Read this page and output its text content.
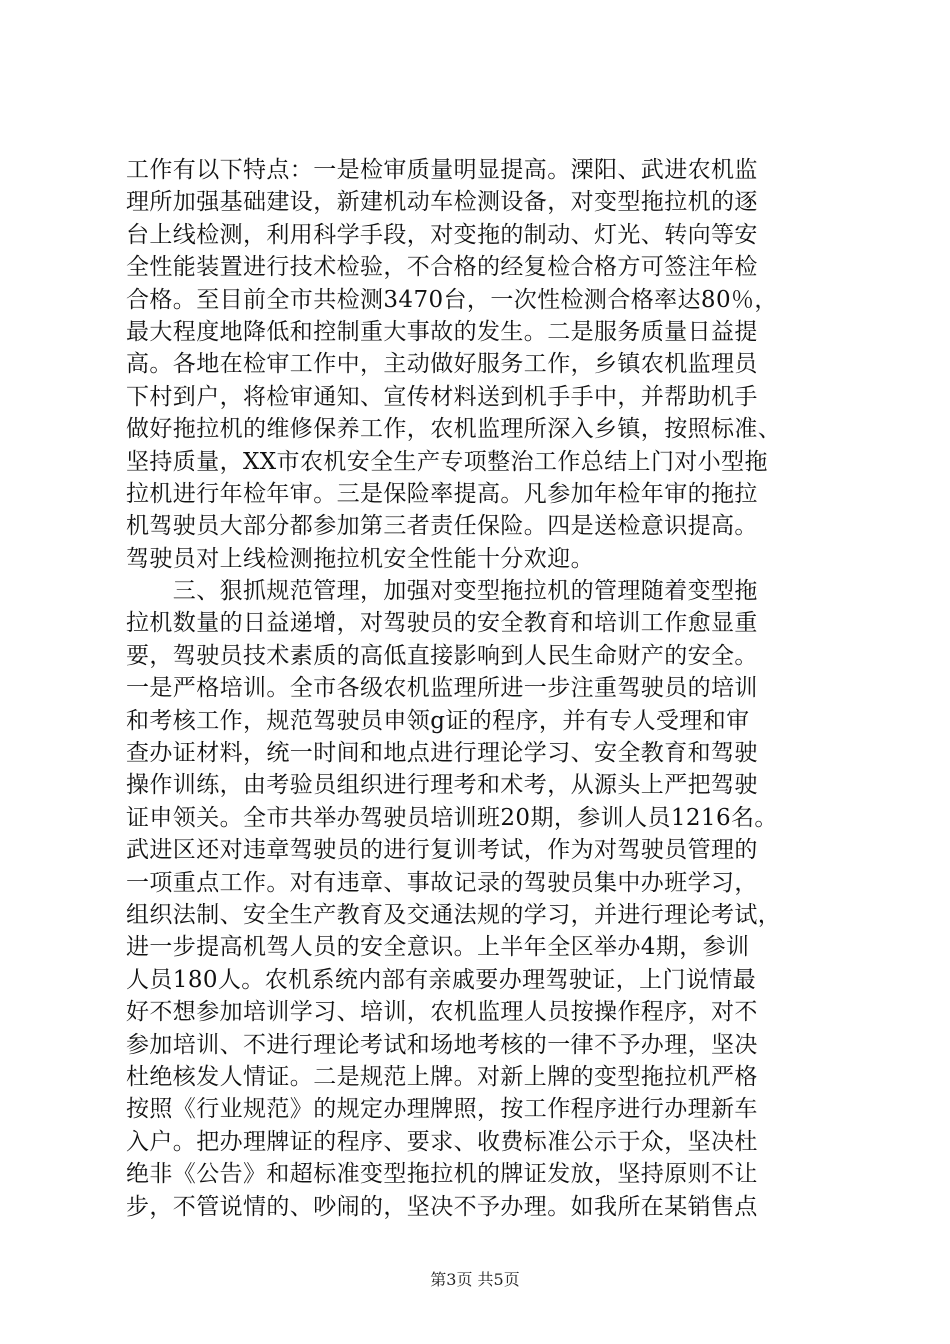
工作有以下特点：一是检审质量明显提高。溧阳、武进农机监
理所加强基础建设，新建机动车检测设备，对变型拖拉机的逐
台上线检测，利用科学手段，对变拖的制动、灯光、转向等安
全性能装置进行技术检验，不合格的经复检合格方可签注年检
合格。至目前全市共检测3470台，一次性检测合格率达80％，
最大程度地降低和控制重大事故的发生。二是服务质量日益提
高。各地在检审工作中，主动做好服务工作，乡镇农机监理员
下村到户，将检审通知、宣传材料送到机手手中，并帮助机手
做好拖拉机的维修保养工作，农机监理所深入乡镇，按照标准、
坚持质量，XX市农机安全生产专项整治工作总结上门对小型拖
拉机进行年检年审。三是保险率提高。凡参加年检年审的拖拉
机驾驶员大部分都参加第三者责任保险。四是送检意识提高。
驾驶员对上线检测拖拉机安全性能十分欢迎。
　　三、狠抓规范管理，加强对变型拖拉机的管理随着变型拖
拉机数量的日益递增，对驾驶员的安全教育和培训工作愈显重
要，驾驶员技术素质的高低直接影响到人民生命财产的安全。
一是严格培训。全市各级农机监理所进一步注重驾驶员的培训
和考核工作，规范驾驶员申领g证的程序，并有专人受理和审
查办证材料，统一时间和地点进行理论学习、安全教育和驾驶
操作训练，由考验员组织进行理考和术考，从源头上严把驾驶
证申领关。全市共举办驾驶员培训班20期，参训人员1216名。
武进区还对违章驾驶员的进行复训考试，作为对驾驶员管理的
一项重点工作。对有违章、事故记录的驾驶员集中办班学习，
组织法制、安全生产教育及交通法规的学习，并进行理论考试，
进一步提高机驾人员的安全意识。上半年全区举办4期，参训
人员180人。农机系统内部有亲戚要办理驾驶证，上门说情最
好不想参加培训学习、培训，农机监理人员按操作程序，对不
参加培训、不进行理论考试和场地考核的一律不予办理，坚决
杜绝核发人情证。二是规范上牌。对新上牌的变型拖拉机严格
按照《行业规范》的规定办理牌照，按工作程序进行办理新车
入户。把办理牌证的程序、要求、收费标准公示于众，坚决杜
绝非《公告》和超标准变型拖拉机的牌证发放，坚持原则不让
步，不管说情的、吵闹的，坚决不予办理。如我所在某销售点
第3页 共5页
